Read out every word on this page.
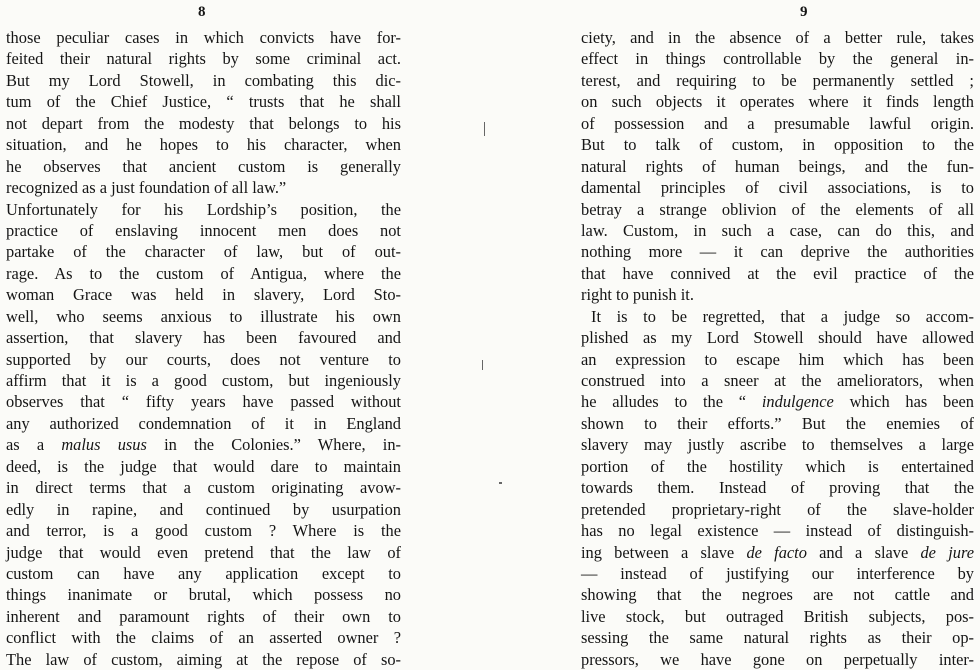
8
those peculiar cases in which convicts have for-
feited their natural rights by some criminal act.
But my Lord Stowell, in combating this dic-
tum of the Chief Justice, “ trusts that he shall
not depart from the modesty that belongs to his
situation, and he hopes to his character, when
he observes that ancient custom is generally
recognized as a just foundation of all law.”
Unfortunately for his Lordship’s position, the
practice of enslaving innocent men does not
partake of the character of law, but of out-
rage. As to the custom of Antigua, where the
woman Grace was held in slavery, Lord Sto-
well, who seems anxious to illustrate his own
assertion, that slavery has been favoured and
supported by our courts, does not venture to
affirm that it is a good custom, but ingeniously
observes that “ fifty years have passed without
any authorized condemnation of it in England
as a malus usus in the Colonies.” Where, in-
deed, is the judge that would dare to maintain
in direct terms that a custom originating avow-
edly in rapine, and continued by usurpation
and terror, is a good custom ? Where is the
judge that would even pretend that the law of
custom can have any application except to
things inanimate or brutal, which possess no
inherent and paramount rights of their own to
conflict with the claims of an asserted owner ?
The law of custom, aiming at the repose of so-
9
ciety, and in the absence of a better rule, takes
effect in things controllable by the general in-
terest, and requiring to be permanently settled ;
on such objects it operates where it finds length
of possession and a presumable lawful origin.
But to talk of custom, in opposition to the
natural rights of human beings, and the fun-
damental principles of civil associations, is to
betray a strange oblivion of the elements of all
law. Custom, in such a case, can do this, and
nothing more — it can deprive the authorities
that have connived at the evil practice of the
right to punish it.
It is to be regretted, that a judge so accom-
plished as my Lord Stowell should have allowed
an expression to escape him which has been
construed into a sneer at the ameliorators, when
he alludes to the “ indulgence which has been
shown to their efforts.” But the enemies of
slavery may justly ascribe to themselves a large
portion of the hostility which is entertained
towards them. Instead of proving that the
pretended proprietary-right of the slave-holder
has no legal existence — instead of distinguish-
ing between a slave de facto and a slave de jure
— instead of justifying our interference by
showing that the negroes are not cattle and
live stock, but outraged British subjects, pos-
sessing the same natural rights as their op-
pressors, we have gone on perpetually inter-
